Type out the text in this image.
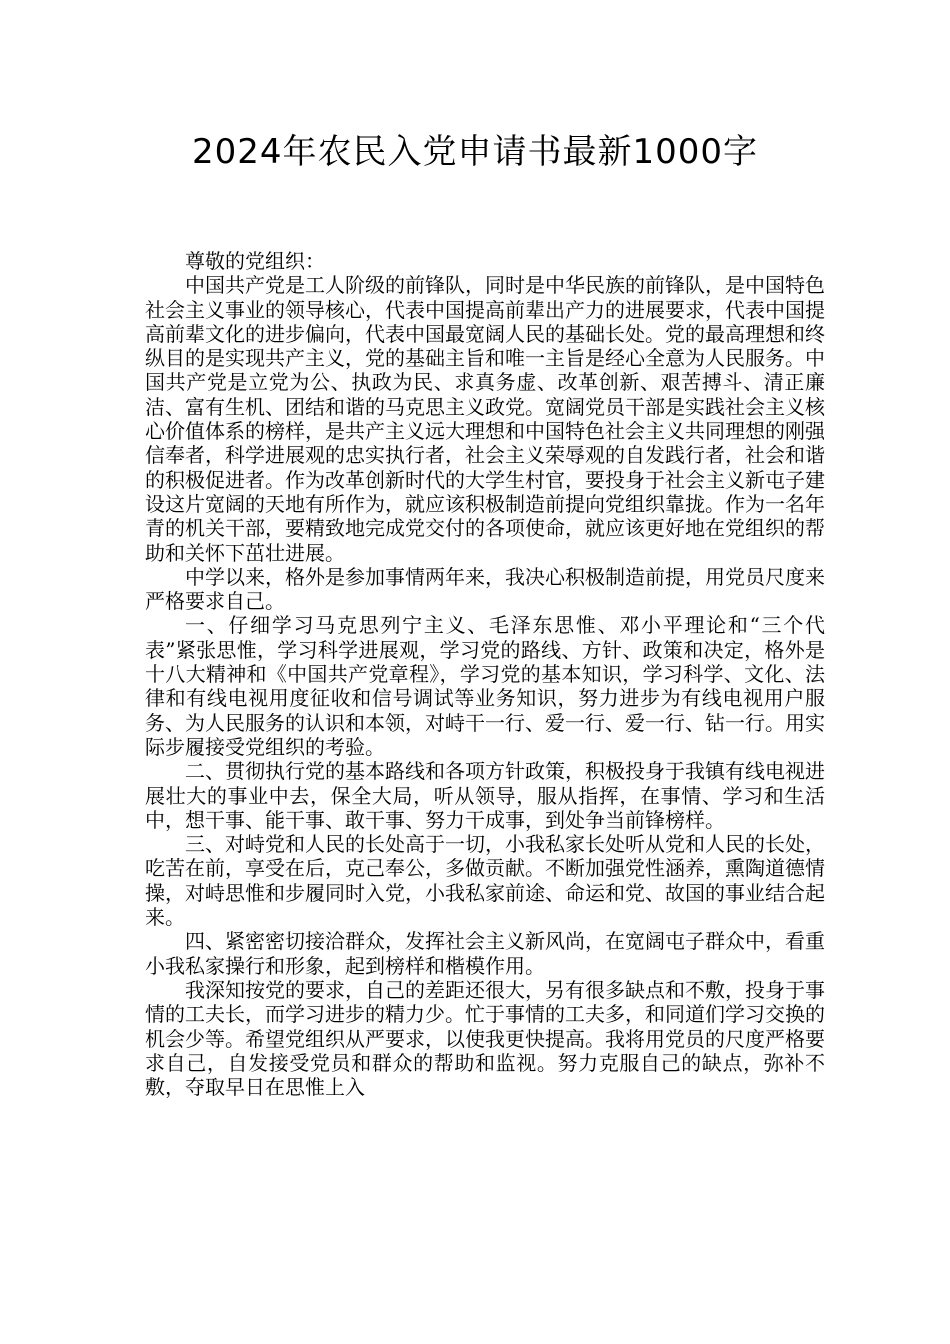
2024年农民入党申请书最新1000字

尊敬的党组织：

中国共产党是工人阶级的前锋队，同时是中华民族的前锋队，是中国特色社会主义事业的领导核心，代表中国提高前辈出产力的进展要求，代表中国提高前辈文化的进步偏向，代表中国最宽阔人民的基础长处。党的最高理想和终纵目的是实现共产主义，党的基础主旨和唯一主旨是经心全意为人民服务。中国共产党是立党为公、执政为民、求真务虚、改革创新、艰苦搏斗、清正廉洁、富有生机、团结和谐的马克思主义政党。宽阔党员干部是实践社会主义核心价值体系的榜样，是共产主义远大理想和中国特色社会主义共同理想的刚强信奉者，科学进展观的忠实执行者，社会主义荣辱观的自发践行者，社会和谐的积极促进者。作为改革创新时代的大学生村官，要投身于社会主义新屯子建设这片宽阔的天地有所作为，就应该积极制造前提向党组织靠拢。作为一名年青的机关干部，要精致地完成党交付的各项使命，就应该更好地在党组织的帮助和关怀下茁壮进展。

中学以来，格外是参加事情两年来，我决心积极制造前提，用党员尺度来严格要求自己。

一、仔细学习马克思列宁主义、毛泽东思惟、邓小平理论和“三个代表”紧张思惟，学习科学进展观，学习党的路线、方针、政策和决定，格外是十八大精神和《中国共产党章程》，学习党的基本知识，学习科学、文化、法律和有线电视用度征收和信号调试等业务知识，努力进步为有线电视用户服务、为人民服务的认识和本领，对峙干一行、爱一行、爱一行、钻一行。用实际步履接受党组织的考验。

二、贯彻执行党的基本路线和各项方针政策，积极投身于我镇有线电视进展壮大的事业中去，保全大局，听从领导，服从指挥，在事情、学习和生活中，想干事、能干事、敢干事、努力干成事，到处争当前锋榜样。

三、对峙党和人民的长处高于一切，小我私家长处听从党和人民的长处，吃苦在前，享受在后，克己奉公，多做贡献。不断加强党性涵养，熏陶道德情操，对峙思惟和步履同时入党，小我私家前途、命运和党、故国的事业结合起来。

四、紧密密切接洽群众，发挥社会主义新风尚，在宽阔屯子群众中，看重小我私家操行和形象，起到榜样和楷模作用。

我深知按党的要求，自己的差距还很大，另有很多缺点和不敷，投身于事情的工夫长，而学习进步的精力少。忙于事情的工夫多，和同道们学习交换的机会少等。希望党组织从严要求，以使我更快提高。我将用党员的尺度严格要求自己，自发接受党员和群众的帮助和监视。努力克服自己的缺点，弥补不敷，夺取早日在思惟上入
